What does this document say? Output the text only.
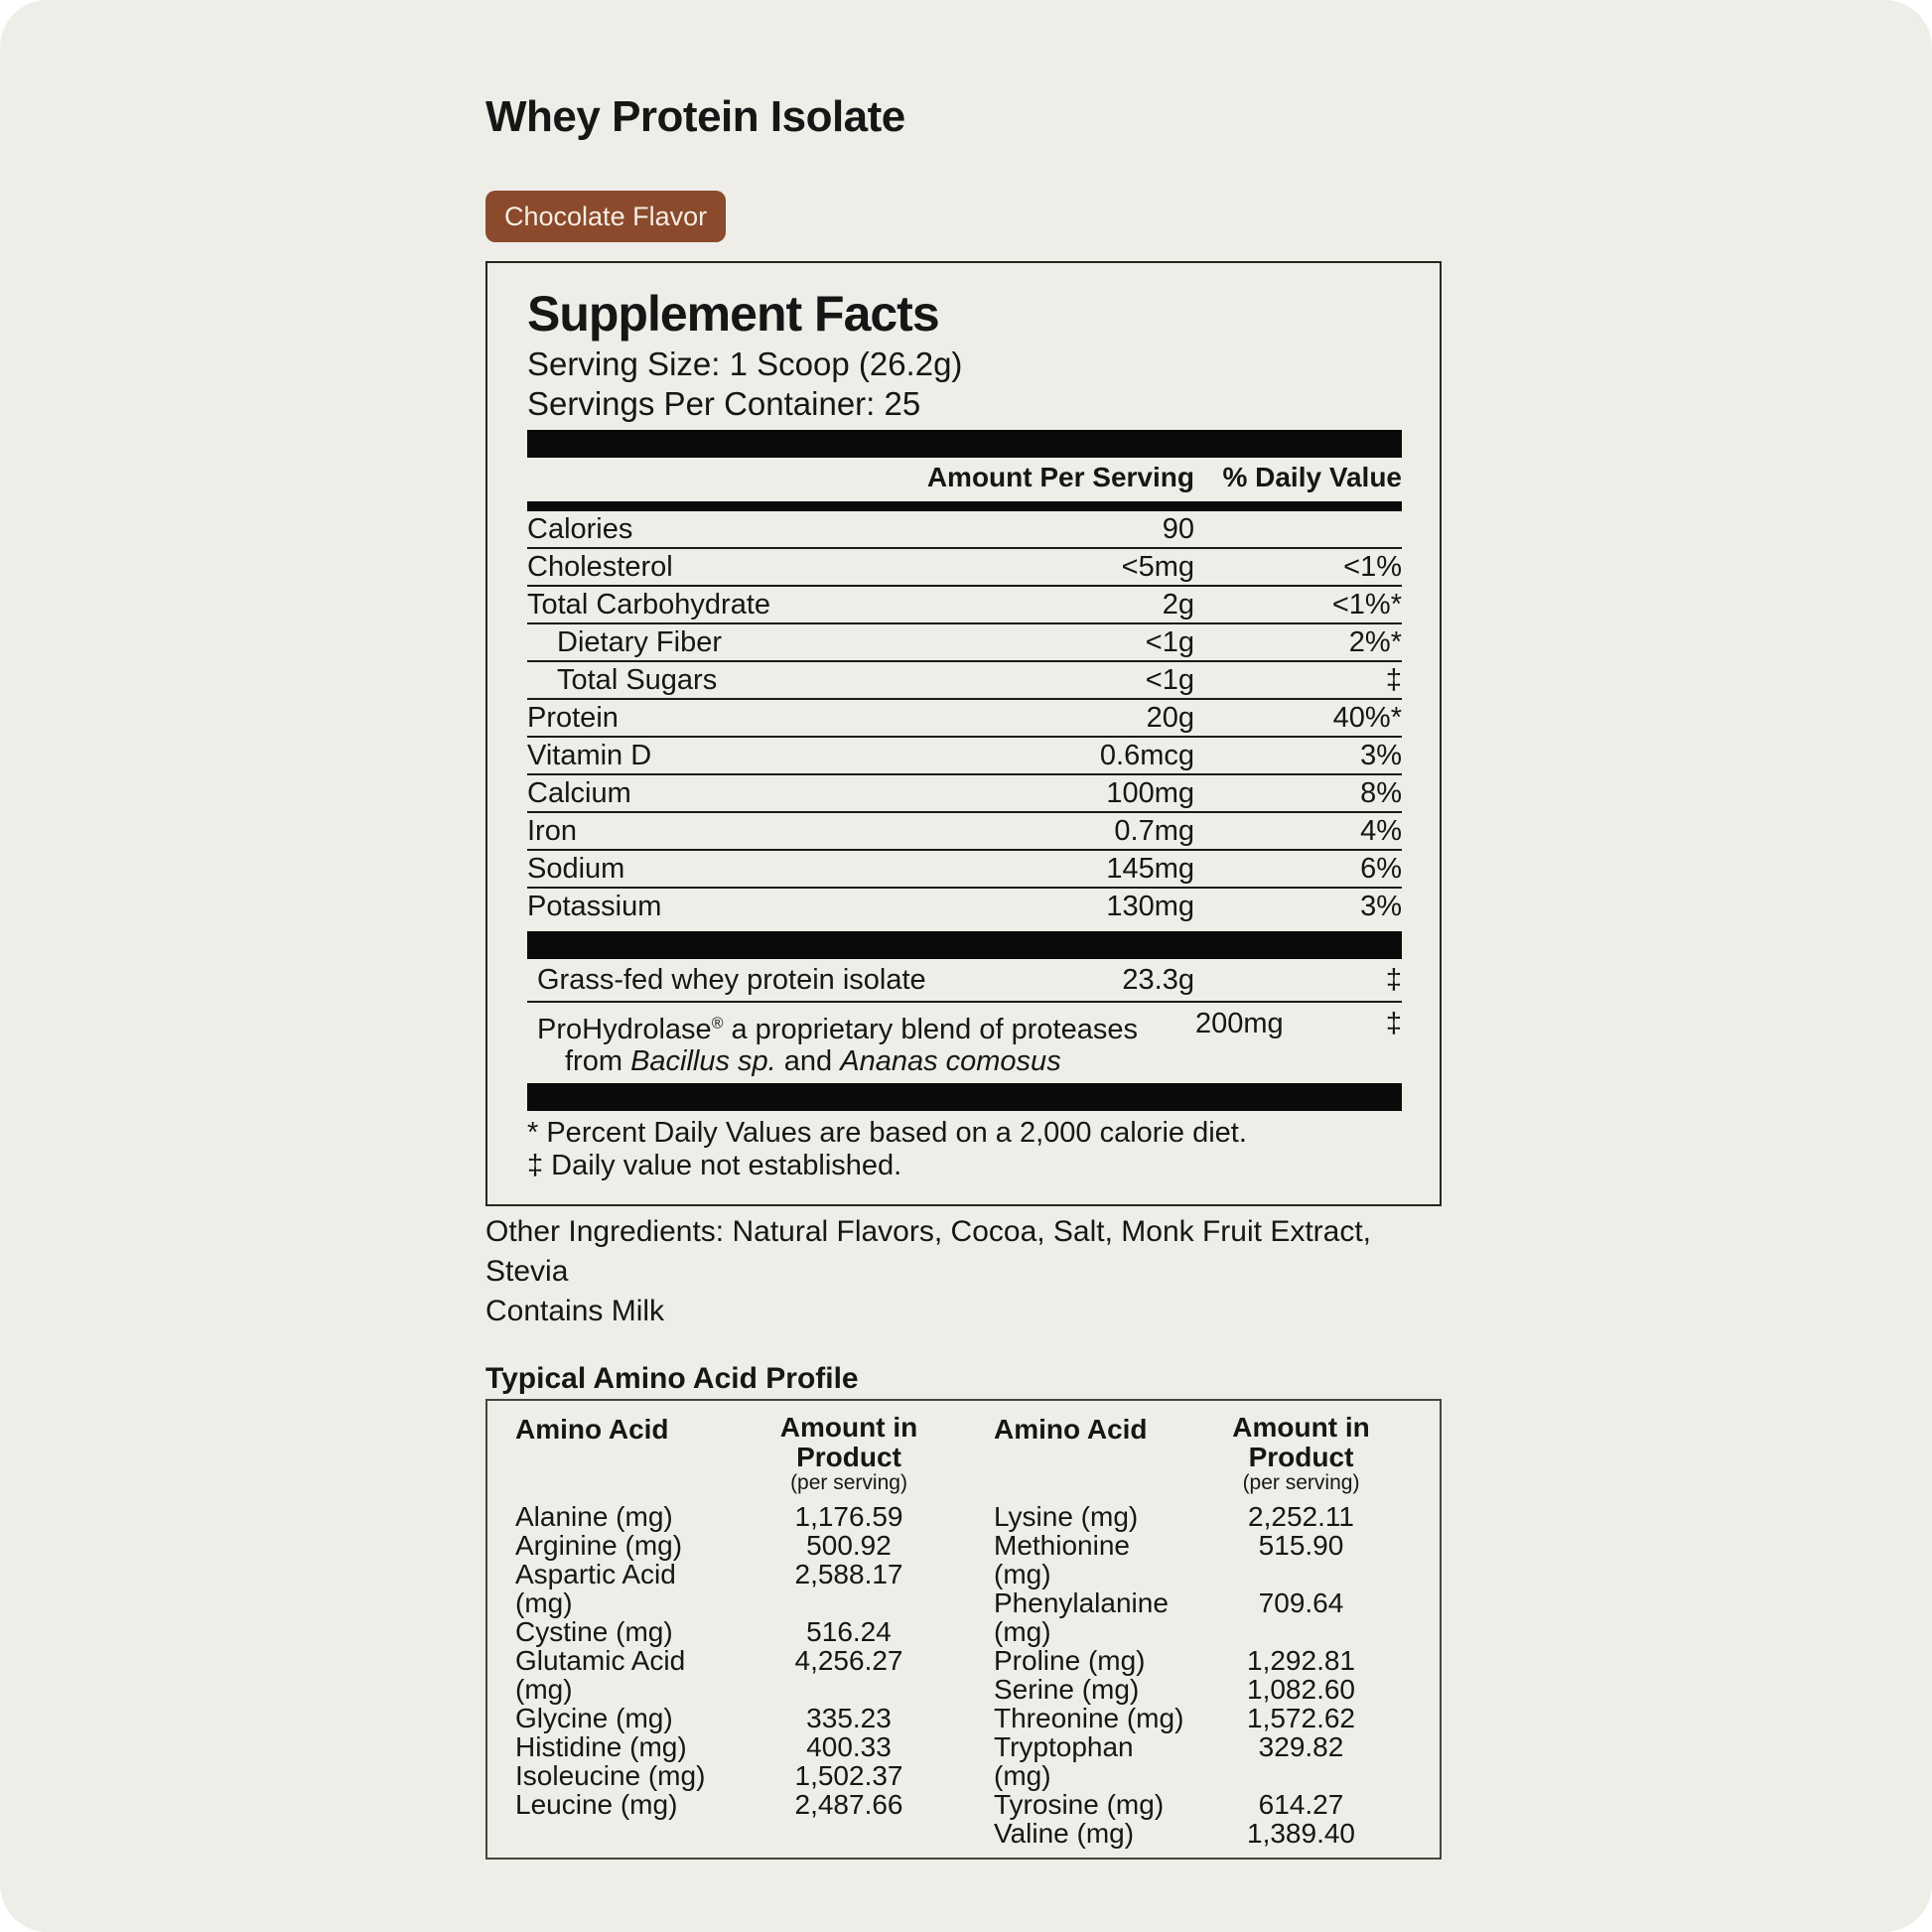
Whey Protein Isolate
Chocolate Flavor
Supplement Facts
Serving Size: 1 Scoop (26.2g)
Servings Per Container: 25
Amount Per Serving	% Daily Value
Calories	90
Cholesterol	<5mg	<1%
Total Carbohydrate	2g	<1%*
Dietary Fiber	<1g	2%*
Total Sugars	<1g	‡
Protein	20g	40%*
Vitamin D	0.6mcg	3%
Calcium	100mg	8%
Iron	0.7mg	4%
Sodium	145mg	6%
Potassium	130mg	3%
Grass-fed whey protein isolate	23.3g	‡
ProHydrolase® a proprietary blend of proteases from Bacillus sp. and Ananas comosus
200mg	‡
* Percent Daily Values are based on a 2,000 calorie diet.
‡ Daily value not established.
Other Ingredients: Natural Flavors, Cocoa, Salt, Monk Fruit Extract, Stevia
Contains Milk
Typical Amino Acid Profile
Amino Acid	Amount in Product
(per serving)
Alanine (mg)	1,176.59
Arginine (mg)	500.92
Aspartic Acid (mg)
2,588.17
Cystine (mg)	516.24
Glutamic Acid (mg)
4,256.27
Glycine (mg)	335.23
Histidine (mg)	400.33
Isoleucine (mg)	1,502.37
Leucine (mg)	2,487.66
Amino Acid	Amount in Product
(per serving)
Lysine (mg)	2,252.11
Methionine (mg)
515.90
Phenylalanine (mg)
709.64
Proline (mg)	1,292.81
Serine (mg)	1,082.60
Threonine (mg)	1,572.62
Tryptophan (mg)
329.82
Tyrosine (mg)	614.27
Valine (mg)	1,389.40
